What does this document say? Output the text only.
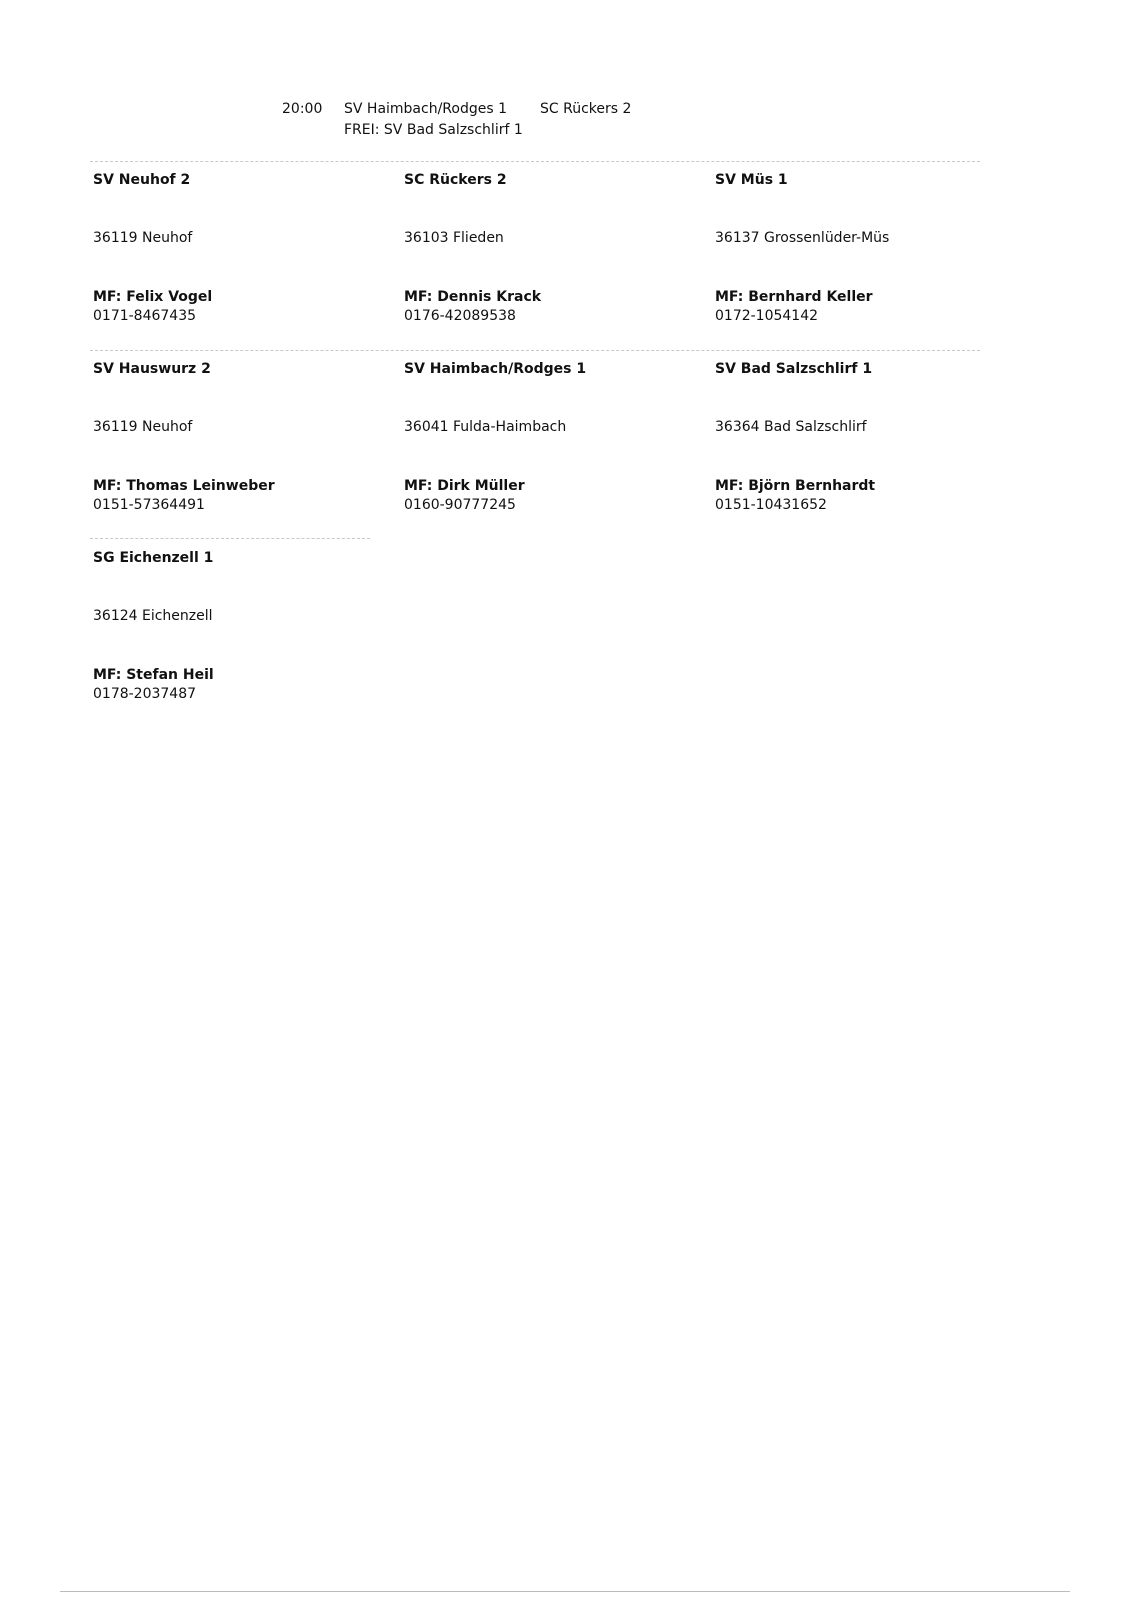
20:00	SV Haimbach/Rodges 1 SC Rückers 2
FREI: SV Bad Salzschlirf 1
SV Neuhof 2
36119 Neuhof
MF: Felix Vogel
0171-8467435
SC Rückers 2
36103 Flieden
MF: Dennis Krack
0176-42089538
SV Müs 1
36137 Grossenlüder-Müs
MF: Bernhard Keller
0172-1054142
SV Hauswurz 2
36119 Neuhof
MF: Thomas Leinweber
0151-57364491
SV Haimbach/Rodges 1
36041 Fulda-Haimbach
MF: Dirk Müller
0160-90777245
SV Bad Salzschlirf 1
36364 Bad Salzschlirf
MF: Björn Bernhardt
0151-10431652
SG Eichenzell 1
36124 Eichenzell
MF: Stefan Heil
0178-2037487
